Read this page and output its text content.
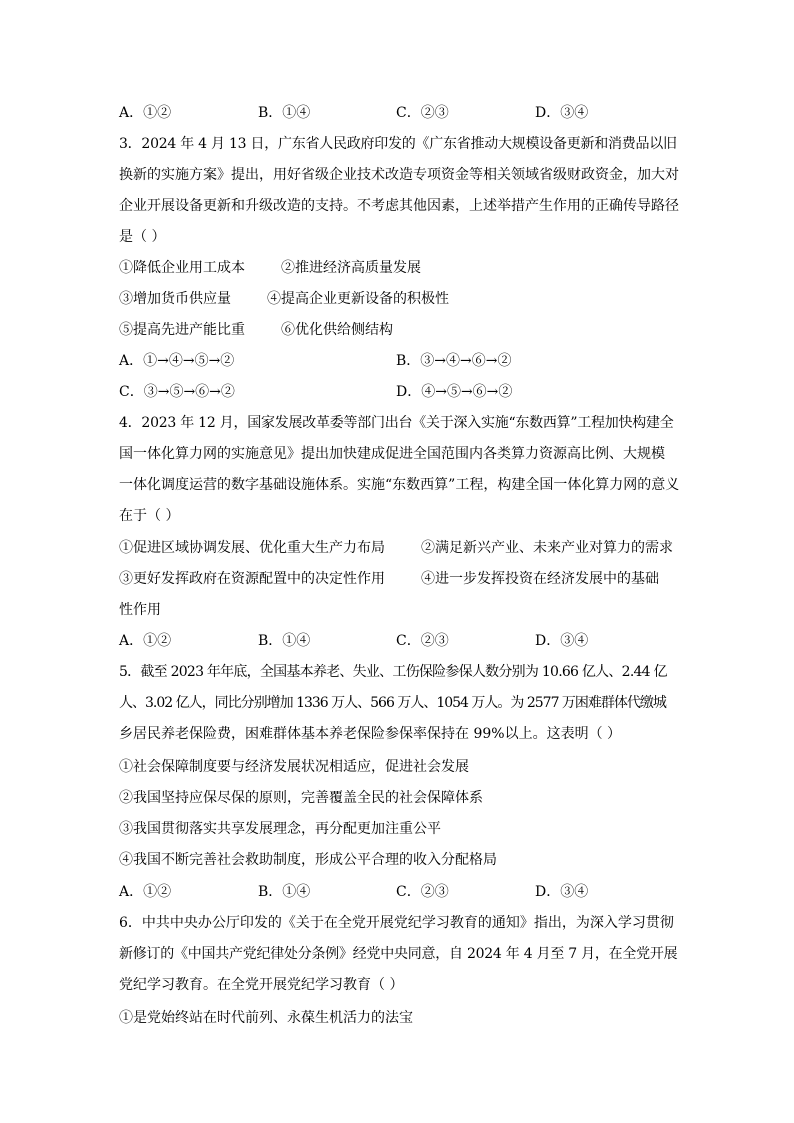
A．①②	B．①④	C．②③	D．③④
3．2024 年 4 月 13 日，广东省人民政府印发的《广东省推动大规模设备更新和消费品以旧
换新的实施方案》提出，用好省级企业技术改造专项资金等相关领域省级财政资金，加大对
企业开展设备更新和升级改造的支持。不考虑其他因素，上述举措产生作用的正确传导路径
是（ ）
①降低企业用工成本	②推进经济高质量发展
③增加货币供应量	④提高企业更新设备的积极性
⑤提高先进产能比重	⑥优化供给侧结构
A．①→④→⑤→②	B．③→④→⑥→②
C．③→⑤→⑥→②	D．④→⑤→⑥→②
4．2023 年 12 月，国家发展改革委等部门出台《关于深入实施“东数西算”工程加快构建全
国一体化算力网的实施意见》提出加快建成促进全国范围内各类算力资源高比例、大规模
一体化调度运营的数字基础设施体系。实施“东数西算”工程，构建全国一体化算力网的意义
在于（ ）
①促进区域协调发展、优化重大生产力布局	②满足新兴产业、未来产业对算力的需求
③更好发挥政府在资源配置中的决定性作用	④进一步发挥投资在经济发展中的基础
性作用
A．①②	B．①④	C．②③	D．③④
5．截至 2023 年年底，全国基本养老、失业、工伤保险参保人数分别为 10.66 亿人、2.44 亿
人、3.02 亿人，同比分别增加 1336 万人、566 万人、1054 万人。为 2577 万困难群体代缴城
乡居民养老保险费，困难群体基本养老保险参保率保持在 99%以上。这表明（ ）
①社会保障制度要与经济发展状况相适应，促进社会发展
②我国坚持应保尽保的原则，完善覆盖全民的社会保障体系
③我国贯彻落实共享发展理念，再分配更加注重公平
④我国不断完善社会救助制度，形成公平合理的收入分配格局
A．①②	B．①④	C．②③	D．③④
6．中共中央办公厅印发的《关于在全党开展党纪学习教育的通知》指出，为深入学习贯彻
新修订的《中国共产党纪律处分条例》经党中央同意，自 2024 年 4 月至 7 月，在全党开展
党纪学习教育。在全党开展党纪学习教育（ ）
①是党始终站在时代前列、永葆生机活力的法宝
